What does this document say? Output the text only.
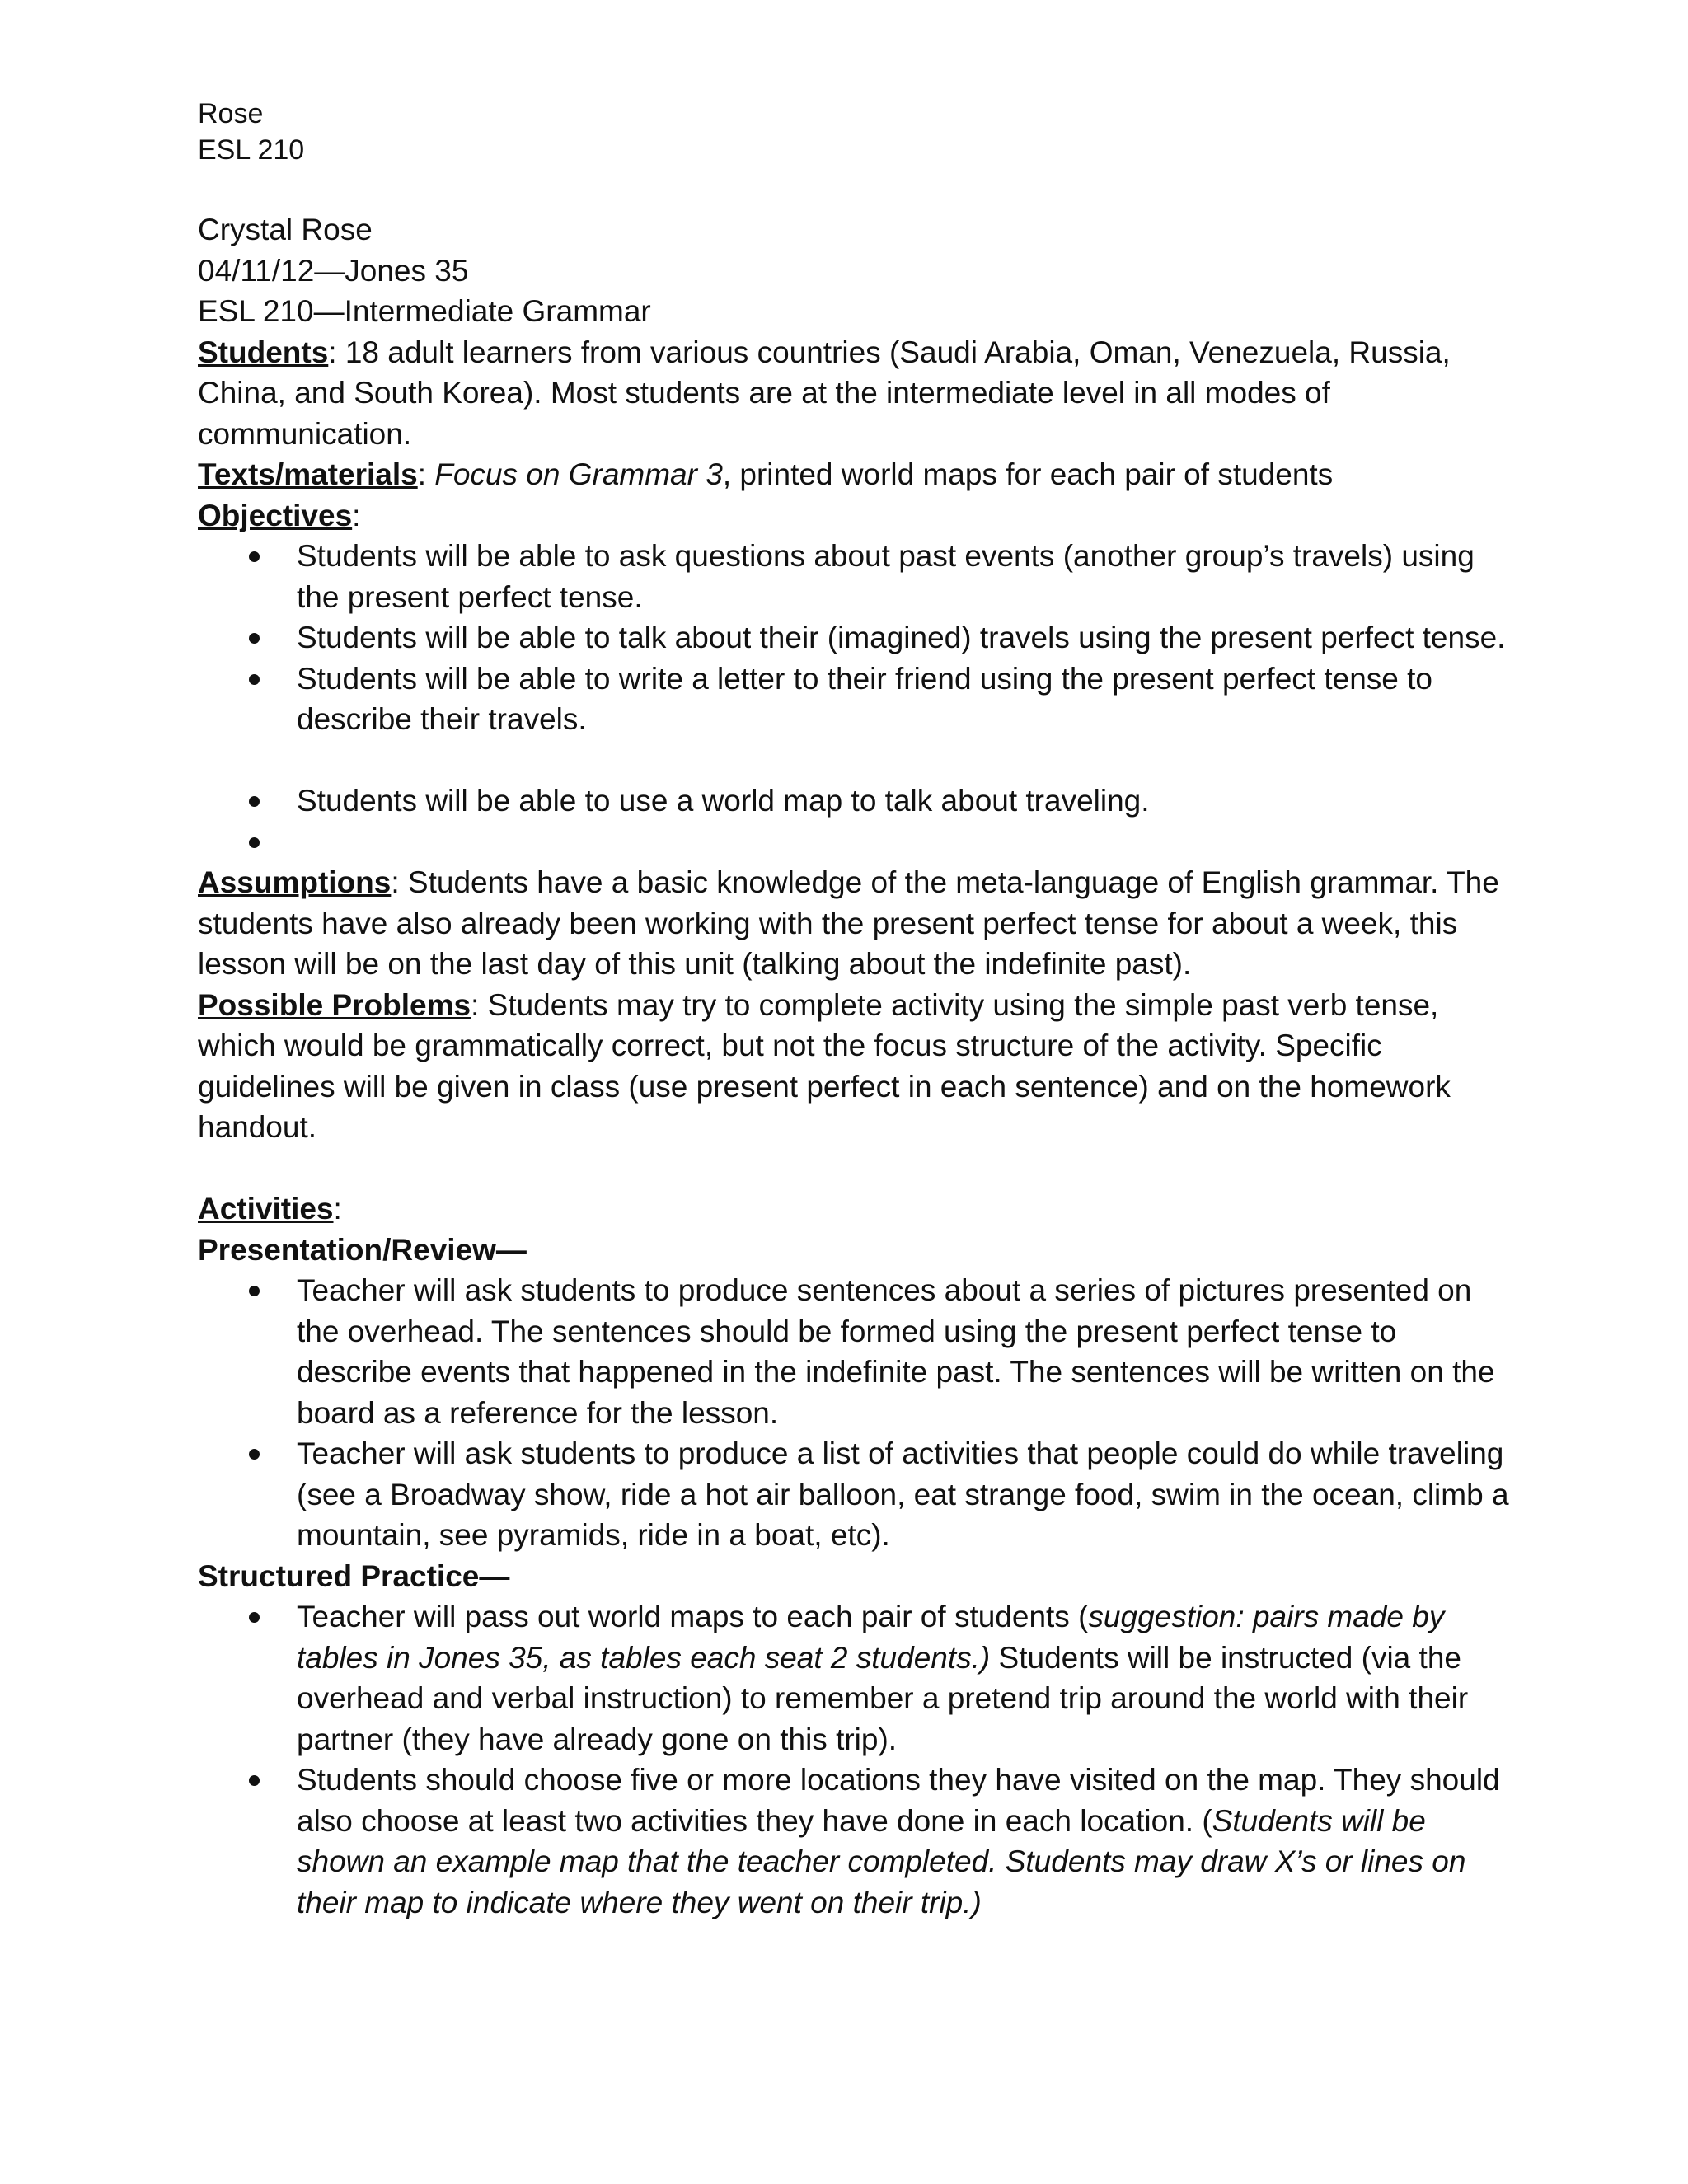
Rose
ESL 210

Crystal Rose

04/11/12—Jones 35

ESL 210—Intermediate Grammar

Students: 18 adult learners from various countries (Saudi Arabia, Oman, Venezuela, Russia, China, and South Korea). Most students are at the intermediate level in all modes of communication.

Texts/materials: Focus on Grammar 3, printed world maps for each pair of students

Objectives:

Students will be able to ask questions about past events (another group’s travels) using the present perfect tense.
Students will be able to talk about their (imagined) travels using the present perfect tense.
Students will be able to write a letter to their friend using the present perfect tense to describe their travels.
Students will be able to use a world map to talk about traveling.

Assumptions: Students have a basic knowledge of the meta-language of English grammar. The students have also already been working with the present perfect tense for about a week, this lesson will be on the last day of this unit (talking about the indefinite past).

Possible Problems: Students may try to complete activity using the simple past verb tense, which would be grammatically correct, but not the focus structure of the activity. Specific guidelines will be given in class (use present perfect in each sentence) and on the homework handout.

Activities:

Presentation/Review—

Teacher will ask students to produce sentences about a series of pictures presented on the overhead. The sentences should be formed using the present perfect tense to describe events that happened in the indefinite past. The sentences will be written on the board as a reference for the lesson.
Teacher will ask students to produce a list of activities that people could do while traveling (see a Broadway show, ride a hot air balloon, eat strange food, swim in the ocean, climb a mountain, see pyramids, ride in a boat, etc).

Structured Practice—

Teacher will pass out world maps to each pair of students (suggestion: pairs made by tables in Jones 35, as tables each seat 2 students.) Students will be instructed (via the overhead and verbal instruction) to remember a pretend trip around the world with their partner (they have already gone on this trip).
Students should choose five or more locations they have visited on the map. They should also choose at least two activities they have done in each location. (Students will be shown an example map that the teacher completed. Students may draw X’s or lines on their map to indicate where they went on their trip.)
